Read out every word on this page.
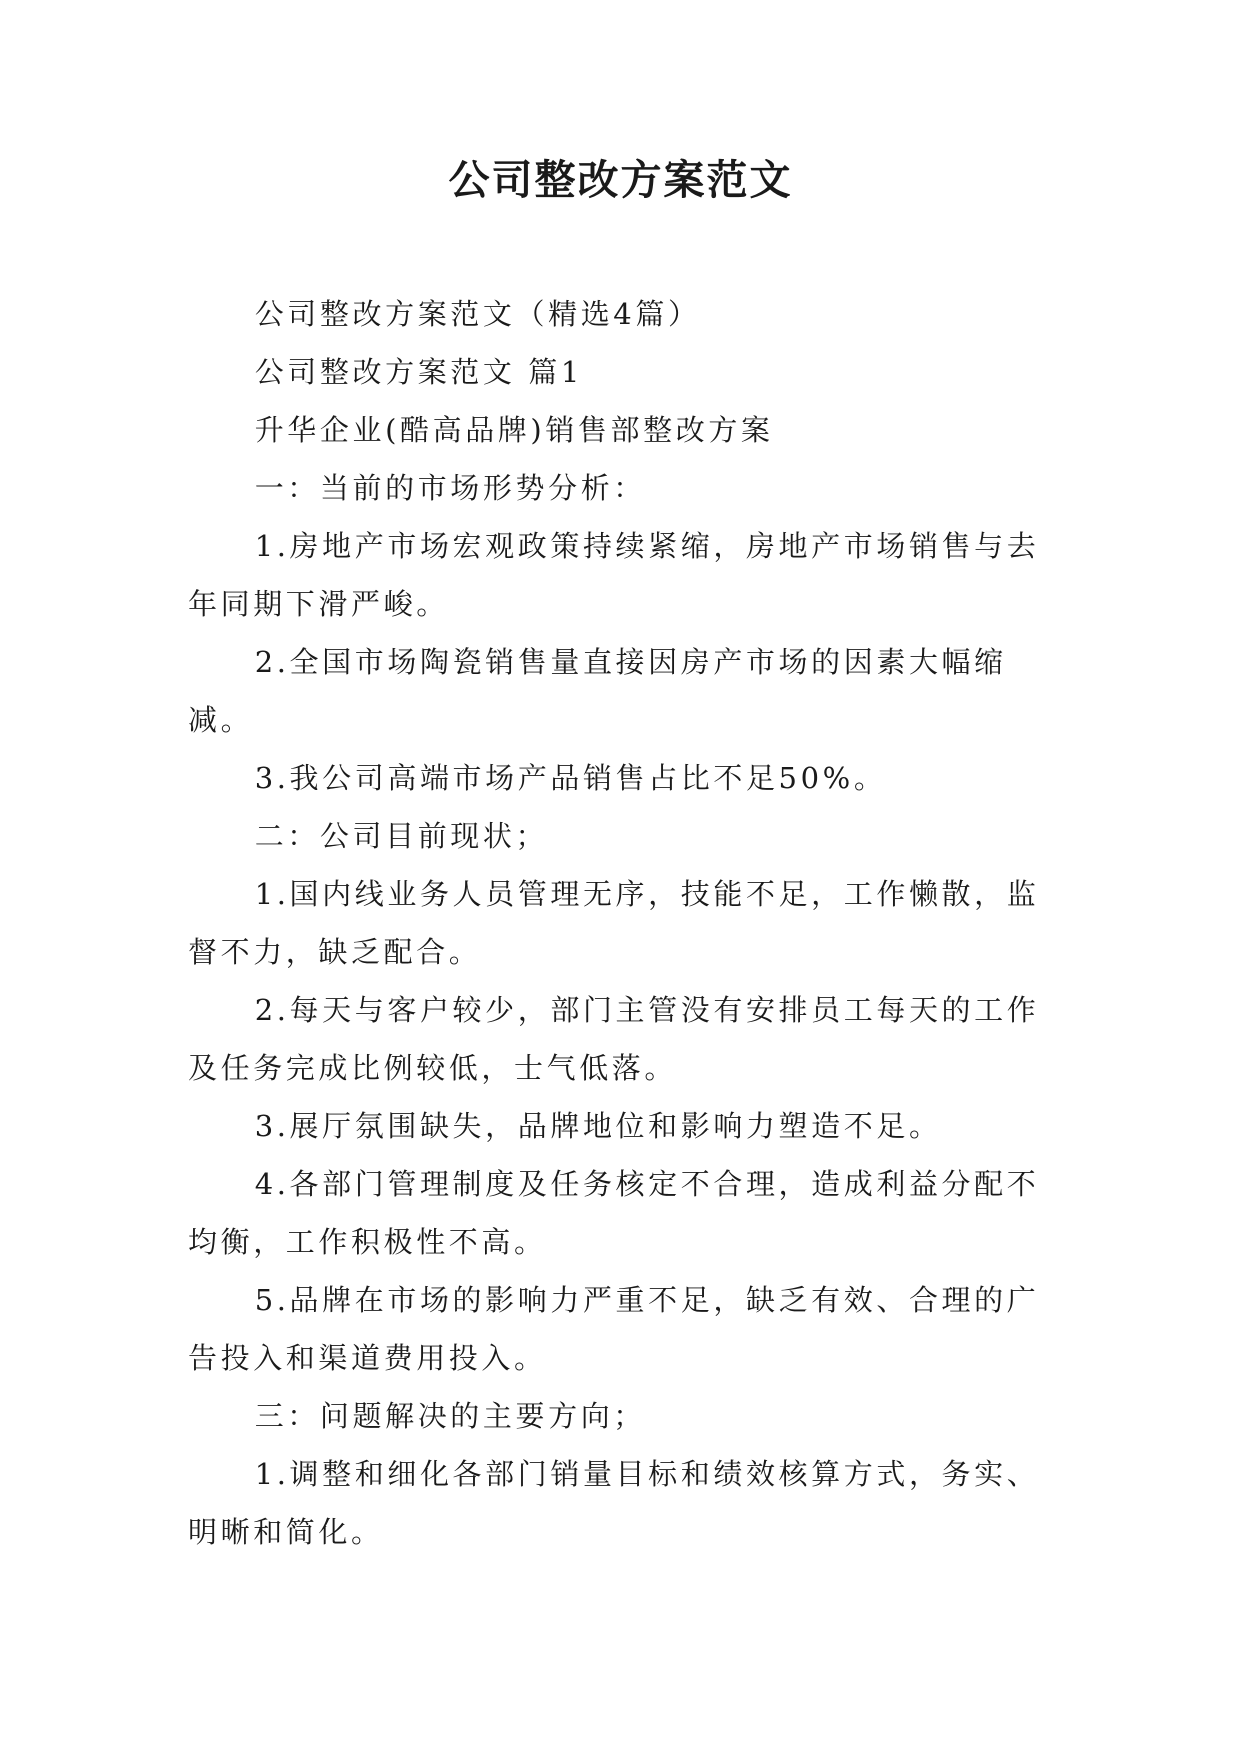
公司整改方案范文

公司整改方案范文（精选4篇）

公司整改方案范文 篇1

升华企业(酷高品牌)销售部整改方案

一：当前的市场形势分析：

1.房地产市场宏观政策持续紧缩，房地产市场销售与去年同期下滑严峻。

2.全国市场陶瓷销售量直接因房产市场的因素大幅缩减。

3.我公司高端市场产品销售占比不足50%。

二：公司目前现状；

1.国内线业务人员管理无序，技能不足，工作懒散，监督不力，缺乏配合。

2.每天与客户较少，部门主管没有安排员工每天的工作及任务完成比例较低，士气低落。

3.展厅氛围缺失，品牌地位和影响力塑造不足。

4.各部门管理制度及任务核定不合理，造成利益分配不均衡，工作积极性不高。

5.品牌在市场的影响力严重不足，缺乏有效、合理的广告投入和渠道费用投入。

三：问题解决的主要方向；

1.调整和细化各部门销量目标和绩效核算方式，务实、明晰和简化。
